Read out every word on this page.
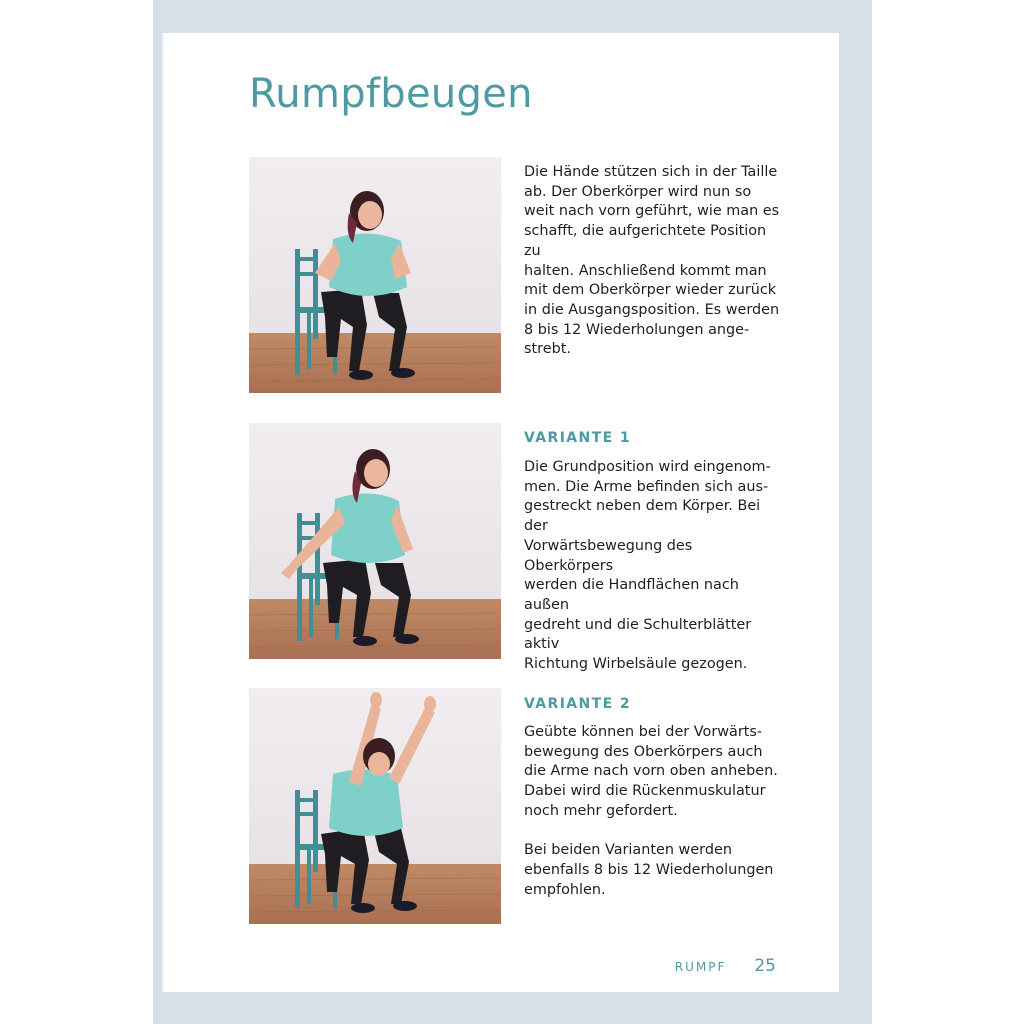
Rumpfbeugen

Die Hände stützen sich in der Taille
ab. Der Oberkörper wird nun so
weit nach vorn geführt, wie man es
schafft, die aufgerichtete Position zu
halten. Anschließend kommt man
mit dem Oberkörper wieder zurück
in die Ausgangsposition. Es werden
8 bis 12 Wiederholungen ange-
strebt.

VARIANTE 1

Die Grundposition wird eingenom-
men. Die Arme befinden sich aus-
gestreckt neben dem Körper. Bei der
Vorwärtsbewegung des Oberkörpers
werden die Handflächen nach außen
gedreht und die Schulterblätter aktiv
Richtung Wirbelsäule gezogen.

VARIANTE 2

Geübte können bei der Vorwärts-
bewegung des Oberkörpers auch
die Arme nach vorn oben anheben.
Dabei wird die Rückenmuskulatur
noch mehr gefordert.

Bei beiden Varianten werden
ebenfalls 8 bis 12 Wiederholungen
empfohlen.

RUMPF 25
